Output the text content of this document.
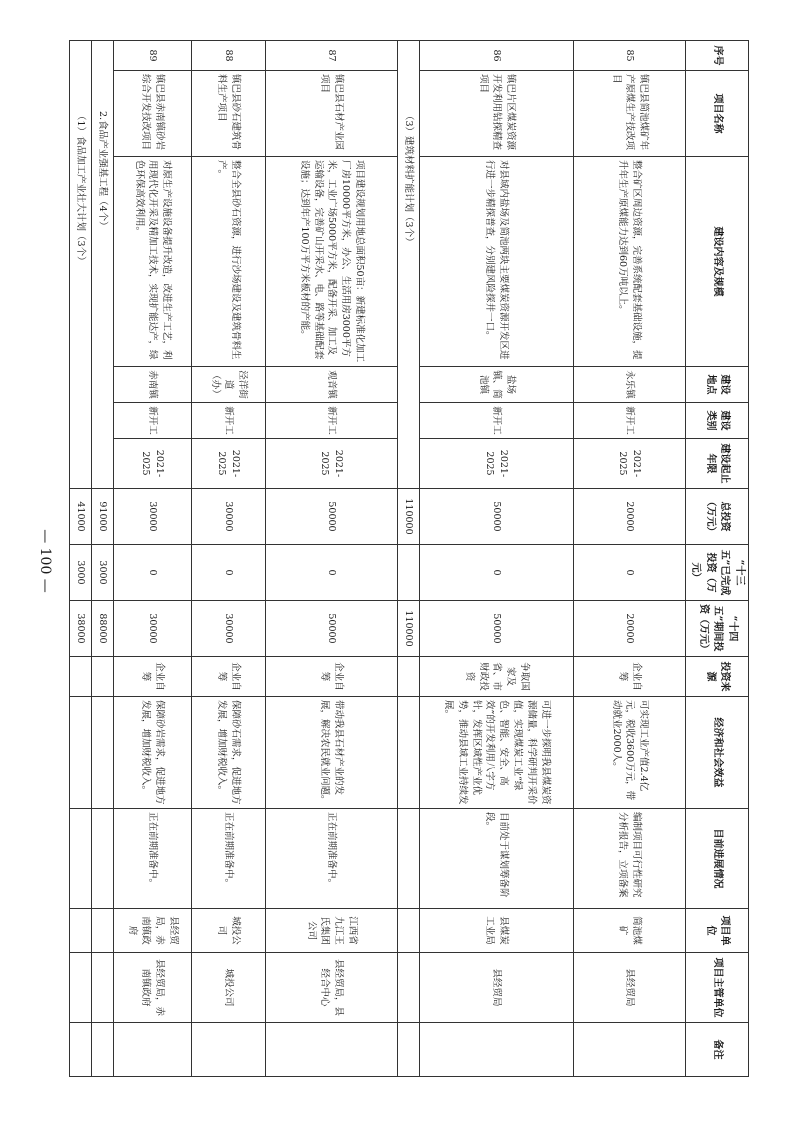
序号	项目名称	建设内容及规模	建设地点	建设类别	建设起止年限	总投资（万元）	“十三五”已完成投资（万元）	“十四五”期间投资（万元）	投资来源	经济和社会效益	目前进展情况	项目单位	项目主管单位	备注
85	镇巴县简池煤矿年产原煤生产技改项目	整合矿区周边资源，完善系统配套基础设施，提升年生产原煤能力达到60万吨以上。	永乐镇	新开工	2021-2025	20000	0	20000	企业自筹	可实现工业产值2.4亿元，税收3600万元，带动就业2000人。	编制项目可行性研究分析报告，立项备案	简池煤矿	县经贸局	
86	镇巴片区煤炭资源开发利用钻探精查项目	对县域内盐场及简池两块主要煤炭资源开发区进行进一步精探普查，分别建风险探井一口。	盐场镇、简池镇	新开工	2021-2025	50000	0	50000	争取国家及省、市财政投资	可进一步探明我县煤炭资源储量，科学研判开采价值，实现煤炭工业“绿色、智能、安全、高效”的开发利用八字方针，发挥区域性产业优势，推动县域工业持续发展。	目前处于谋划筹备阶段。	县煤炭工业局	县经贸局	
（3）建筑材料扩能计划（3个）						110000		110000						
87	镇巴县石材产业园项目	项目建设规划用地总面积50亩：新建标准化加工厂房10000平方米，办公、生活用房3000平方米，工业广场5000平方米，配备开采、加工及运输设备，完善矿山开采水、电、路等基础配套设施；达到年产100万平方米板材的产能。	观音镇	新开工	2021-2025	50000	0	50000	企业自筹	带动我县石材产业的发展，解决农民就业问题。	正在前期准备中。	江西省九江王氏集团公司	县经贸局，县经合中心	
88	镇巴县砂石建筑骨料生产项目	整合全县砂石资源，进行沙场建设及建筑骨料生产。	泾洋街道（办）	新开工	2021-2025	30000	0	30000	企业自筹	保障砂石需求，促进地方发展，增加财税收入。	正在前期准备中。	城投公司	城投公司	
89	镇巴县赤南镇砂岩综合开发技改项目	对原生产设施设备提升改造，改进生产工艺，利用现代化开采及精加工技术，实现扩能达产，绿色环保高效利用。	赤南镇	新开工	2021-2025	30000	0	30000	企业自筹	保障砂岩需求，促进地方发展，增加财税收入。	正在前期准备中。	县经贸局，赤南镇政府	县经贸局，赤南镇政府	
2.食品产业强基工程（4个）						91000	3000	88000						
（1）食品加工产业壮大计划（3个）						41000	3000	38000						
— 100 —
